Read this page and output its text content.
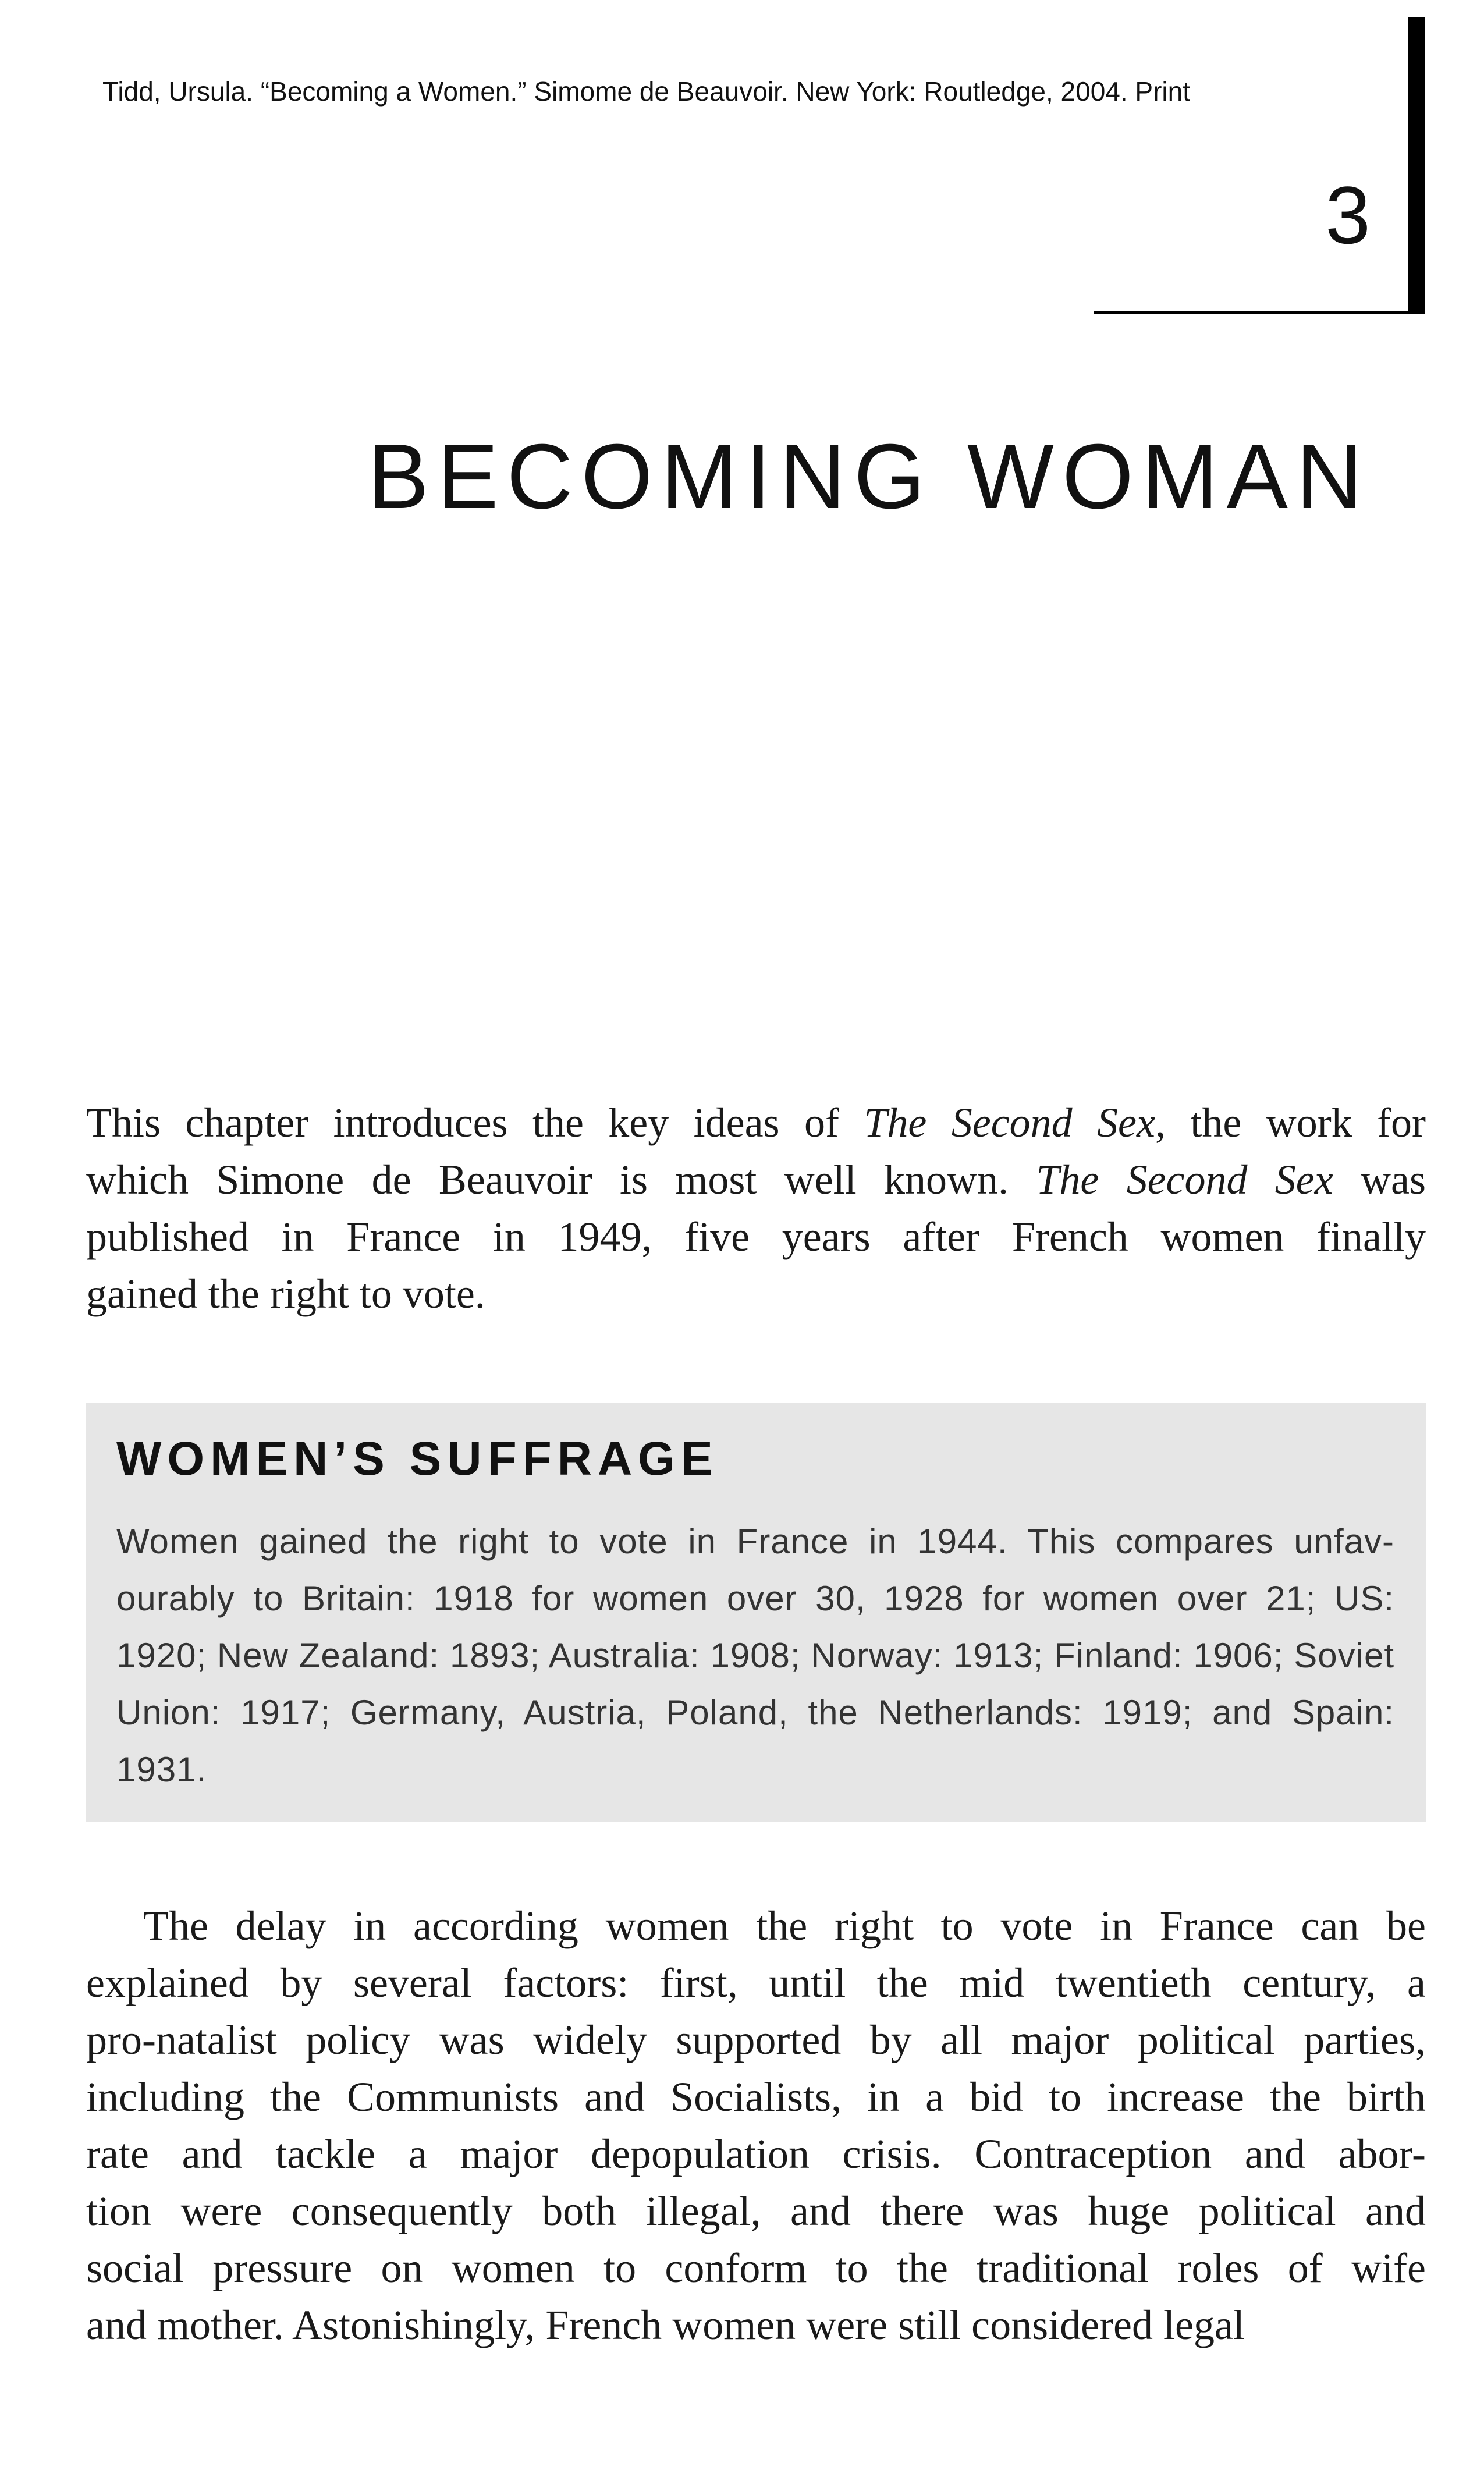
Tidd, Ursula. “Becoming a Women.” Simome de Beauvoir. New York: Routledge, 2004. Print
3
BECOMING WOMAN
This chapter introduces the key ideas of The Second Sex, the work for
which Simone de Beauvoir is most well known. The Second Sex was
published in France in 1949, five years after French women finally
gained the right to vote.
WOMEN’S SUFFRAGE
Women gained the right to vote in France in 1944. This compares unfav-
ourably to Britain: 1918 for women over 30, 1928 for women over 21; US:
1920; New Zealand: 1893; Australia: 1908; Norway: 1913; Finland: 1906; Soviet
Union: 1917; Germany, Austria, Poland, the Netherlands: 1919; and Spain:
1931.
The delay in according women the right to vote in France can be
explained by several factors: first, until the mid twentieth century, a
pro-natalist policy was widely supported by all major political parties,
including the Communists and Socialists, in a bid to increase the birth
rate and tackle a major depopulation crisis. Contraception and abor-
tion were consequently both illegal, and there was huge political and
social pressure on women to conform to the traditional roles of wife
and mother. Astonishingly, French women were still considered legal
